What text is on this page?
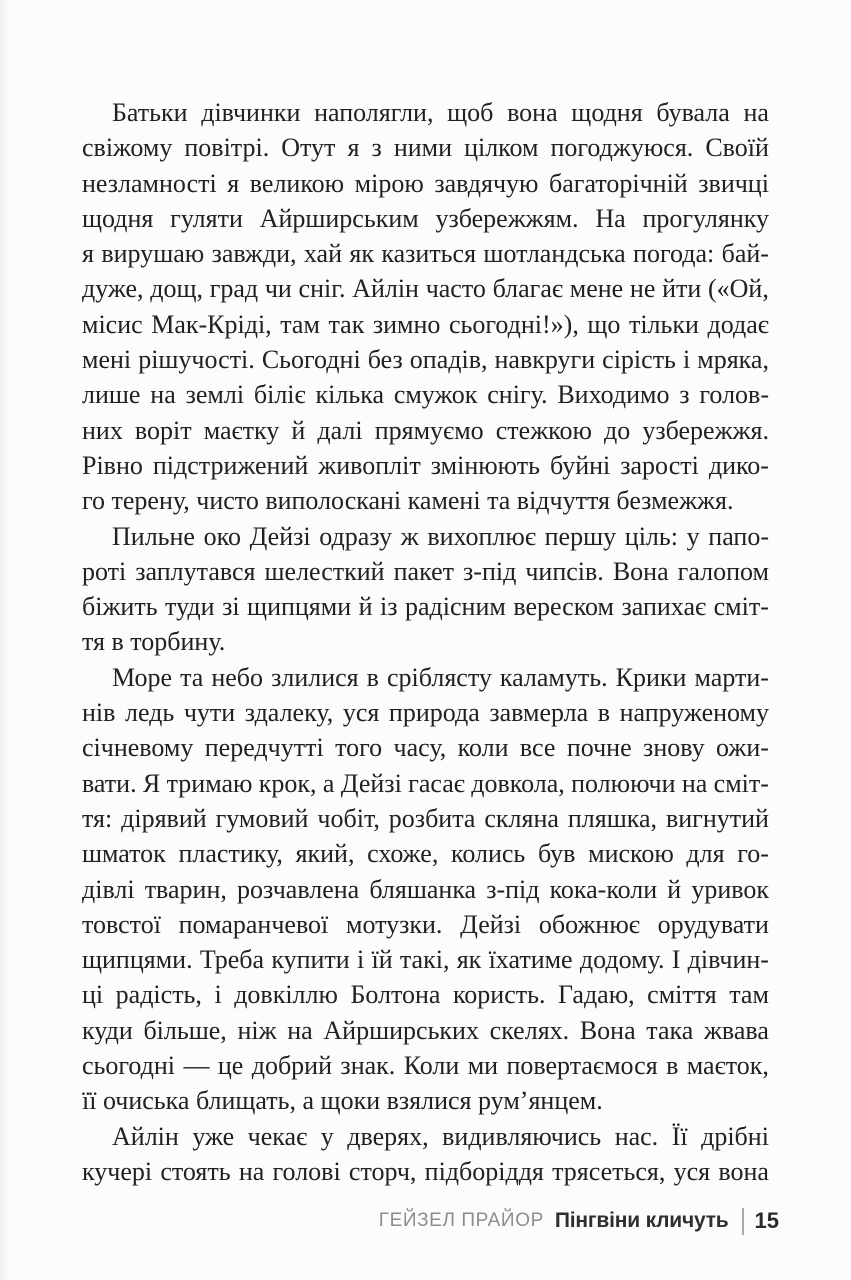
Батьки дівчинки наполягли, щоб вона щодня бувала на
свіжому повітрі. Отут я з ними цілком погоджуюся. Своїй
незламності я великою мірою завдячую багаторічній звичці
щодня гуляти Айрширським узбережжям. На прогулянку
я вирушаю завжди, хай як казиться шотландська погода: бай-
дуже, дощ, град чи сніг. Айлін часто благає мене не йти («Ой,
місис Мак-Кріді, там так зимно сьогодні!»), що тільки додає
мені рішучості. Сьогодні без опадів, навкруги сірість і мряка,
лише на землі біліє кілька смужок снігу. Виходимо з голов-
них воріт маєтку й далі прямуємо стежкою до узбережжя.
Рівно підстрижений живопліт змінюють буйні зарості дико-
го терену, чисто виполоскані камені та відчуття безмежжя.
Пильне око Дейзі одразу ж вихоплює першу ціль: у папо-
роті заплутався шелесткий пакет з-під чипсів. Вона галопом
біжить туди зі щипцями й із радісним вереском запихає сміт-
тя в торбину.
Море та небо злилися в сріблясту каламуть. Крики марти-
нів ледь чути здалеку, уся природа завмерла в напруженому
січневому передчутті того часу, коли все почне знову ожи-
вати. Я тримаю крок, а Дейзі гасає довкола, полюючи на сміт-
тя: дірявий гумовий чобіт, розбита скляна пляшка, вигнутий
шматок пластику, який, схоже, колись був мискою для го-
дівлі тварин, розчавлена бляшанка з-під кока-коли й уривок
товстої помаранчевої мотузки. Дейзі обожнює орудувати
щипцями. Треба купити і їй такі, як їхатиме додому. І дівчин-
ці радість, і довкіллю Болтона користь. Гадаю, сміття там
куди більше, ніж на Айрширських скелях. Вона така жвава
сьогодні — це добрий знак. Коли ми повертаємося в маєток,
її очиська блищать, а щоки взялися рум’янцем.
Айлін уже чекає у дверях, видивляючись нас. Її дрібні
кучері стоять на голові сторч, підборіддя трясеться, уся вона
ГЕЙЗЕЛ ПРАЙОР Пінгвіни кличуть 15
